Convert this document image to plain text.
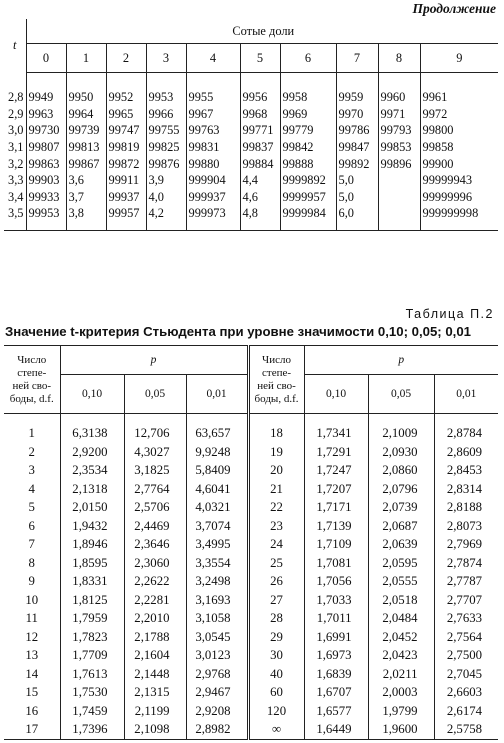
Продолжение
t	Сотые доли									
	0	1	2	3	4	5	6	7	8	9

2,8	9949	9950	9952	9953	9955	9956	9958	9959	9960	9961
2,9	9963	9964	9965	9966	9967	9968	9969	9970	9971	9972
3,0	99730	99739	99747	99755	99763	99771	99779	99786	99793	99800
3,1	99807	99813	99819	99825	99831	99837	99842	99847	99853	99858
3,2	99863	99867	99872	99876	99880	99884	99888	99892	99896	99900
3,3	99903	3,6	99911	3,9	999904	4,4	9999892	5,0		99999943
3,4	99933	3,7	99937	4,0	999937	4,6	9999957	5,0		99999996
3,5	99953	3,8	99957	4,2	999973	4,8	9999984	6,0		999999998

Таблица П.2
Значение t-критерия Стьюдента при уровне значимости 0,10; 0,05; 0,01
Число
степе-
ней сво-
боды, d.f.	p			Число
степе-
ней сво-
боды, d.f.	p		
	0,10	0,05	0,01		0,10	0,05	0,01

1	6,3138	12,706	63,657	18	1,7341	2,1009	2,8784
2	2,9200	4,3027	9,9248	19	1,7291	2,0930	2,8609
3	2,3534	3,1825	5,8409	20	1,7247	2,0860	2,8453
4	2,1318	2,7764	4,6041	21	1,7207	2,0796	2,8314
5	2,0150	2,5706	4,0321	22	1,7171	2,0739	2,8188
6	1,9432	2,4469	3,7074	23	1,7139	2,0687	2,8073
7	1,8946	2,3646	3,4995	24	1,7109	2,0639	2,7969
8	1,8595	2,3060	3,3554	25	1,7081	2,0595	2,7874
9	1,8331	2,2622	3,2498	26	1,7056	2,0555	2,7787
10	1,8125	2,2281	3,1693	27	1,7033	2,0518	2,7707
11	1,7959	2,2010	3,1058	28	1,7011	2,0484	2,7633
12	1,7823	2,1788	3,0545	29	1,6991	2,0452	2,7564
13	1,7709	2,1604	3,0123	30	1,6973	2,0423	2,7500
14	1,7613	2,1448	2,9768	40	1,6839	2,0211	2,7045
15	1,7530	2,1315	2,9467	60	1,6707	2,0003	2,6603
16	1,7459	2,1199	2,9208	120	1,6577	1,9799	2,6174
17	1,7396	2,1098	2,8982	∞	1,6449	1,9600	2,5758
